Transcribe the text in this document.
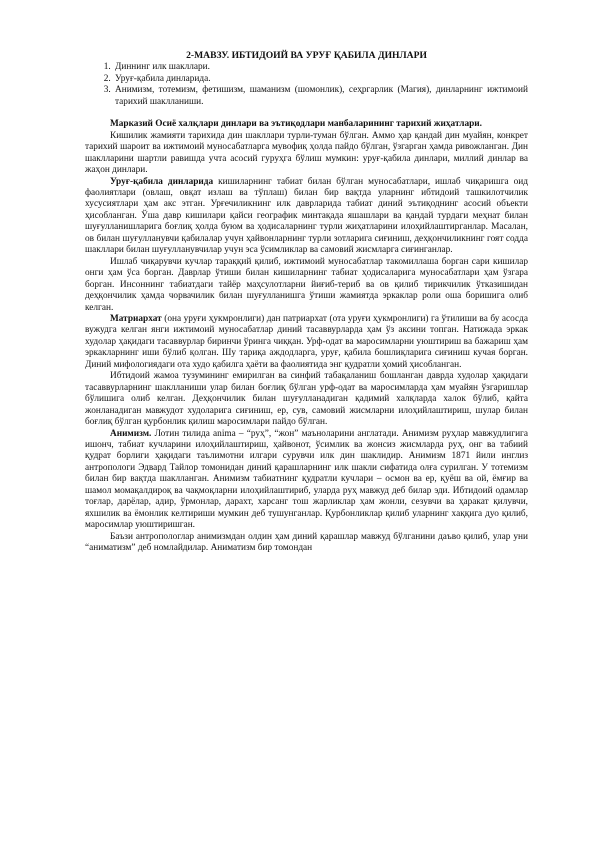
2-МАВЗУ. ИБТИДОИЙ ВА УРУҒ ҚАБИЛА ДИНЛАРИ
1. Диннинг илк шакллари.
2. Уруғ-қабила динларида.
3. Анимизм, тотемизм, фетишизм, шаманизм (шомонлик), сеҳргарлик (Магия), динларнинг ижтимоий тарихий шаклланиши.

Марказий Осиё халқлари динлари ва эътиқодлари манбаларининг тарихий жиҳатлари.

Кишилик жамияти тарихида дин шакллари турли-туман бўлган. Аммо ҳар қандай дин муайян, конкрет тарихий шароит ва ижтимоий муносабатларга мувофиқ ҳолда пайдо бўлган, ўзгарган ҳамда ривожланган. Дин шаклларини шартли равишда учта асосий гуруҳга бўлиш мумкин: уруғ-қабила динлари, миллий динлар ва жаҳон динлари.

Уруғ-қабила динларида кишиларнинг табиат билан бўлган муносабатлари, ишлаб чиқаришга оид фаолиятлари (овлаш, овқат излаш ва тўплаш) билан бир вақтда уларнинг ибтидоий ташкилотчилик хусусиятлари ҳам акс этган. Урғечиликнинг илк даврларида табиат диний эътиқоднинг асосий объекти ҳисобланган. Ўша давр кишилари қайси географик минтақада яшашлари ва қандай турдаги меҳнат билан шуғулланишларига боғлиқ ҳолда буюм ва ҳодисаларнинг турли жиҳатларини илоҳийлаштирганлар. Масалан, ов билан шуғулланувчи қабилалар учун ҳайвонларнинг турли зотларига сиғиниш, деҳқончиликнинг гоят содда шакллари билан шуғулланувчилар учун эса ўсимликлар ва самовий жисмларга сиғинганлар.

Ишлаб чиқарувчи кучлар тараққий қилиб, ижтимоий муносабатлар такомиллаша борган сари кишилар онги ҳам ўса борган. Даврлар ўтиши билан кишиларнинг табиат ҳодисаларига муносабатлари ҳам ўзгара борган. Инсоннинг табиатдаги тайёр маҳсулотларни йиғиб-териб ва ов қилиб тирикчилик ўтказишидан деҳқончилик ҳамда чорвачилик билан шуғулланишга ўтиши жамиятда эркаклар роли оша боришига олиб келган.

Матриархат (она уруғи ҳукмронлиги) дан патриархат (ота уруғи ҳукмронлиги) га ўтилиши ва бу асосда вужудга келган янги ижтимоий муносабатлар диний тасаввурларда ҳам ўз аксини топган. Натижада эркак худолар ҳақидаги тасаввурлар биринчи ўринга чиққан. Урф-одат ва маросимларни уюштириш ва бажариш ҳам эркакларнинг иши бўлиб қолган. Шу тариқа аждодларга, уруғ, қабила бошлиқларига сиғиниш кучая борган. Диний мифологиядаги ота худо қабилга ҳаёти ва фаолиятида энг қудратли ҳомий ҳисобланган.

Ибтидоий жамоа тузумининг емирилган ва синфий табақаланиш бошланган даврда худолар ҳақидаги тасаввурларнинг шаклланиши улар билан боғлиқ бўлган урф-одат ва маросимларда ҳам муайян ўзгаришлар бўлишига олиб келган. Деҳқончилик билан шуғулланадиган қадимий халқларда халок бўлиб, қайта жонланадиган мавжудот худоларига сиғиниш, ер, сув, самовий жисмларни илоҳийлаштириш, шулар билан боғлиқ бўлган қурбонлик қилиш маросимлари пайдо бўлган.

Анимизм. Лотин тилида anima – “руҳ”, “жон” маъноларини англатади. Анимизм руҳлар мавжудлигига ишонч, табиат кучларини илоҳийлаштириш, ҳайвонот, ўсимлик ва жонсиз жисмларда руҳ, онг ва табиий қудрат борлиги ҳақидаги таълимотни илгари сурувчи илк дин шаклидир. Анимизм 1871 йили инглиз антропологи Эдвард Тайлор томонидан диний қарашларнинг илк шакли сифатида олға сурилган. У тотемизм билан бир вақтда шаклланган. Анимизм табиатнинг қудратли кучлари – осмон ва ер, қуёш ва ой, ёмғир ва шамол момақалдироқ ва чақмоқларни илоҳийлаштириб, уларда руҳ мавжуд деб билар эди. Ибтидоий одамлар тоғлар, дарёлар, адир, ўрмонлар, дарахт, харсанг тош жарликлар ҳам жонли, сезувчи ва ҳаракат қилувчи, яхшилик ва ёмонлик келтириши мумкин деб тушунганлар. Қурбонликлар қилиб уларнинг хаққига дуо қилиб, маросимлар уюштиришган.

Баъзи антропологлар анимизмдан олдин ҳам диний қарашлар мавжуд бўлганини даъво қилиб, улар уни “аниматизм” деб номлайдилар. Аниматизм бир томондан
